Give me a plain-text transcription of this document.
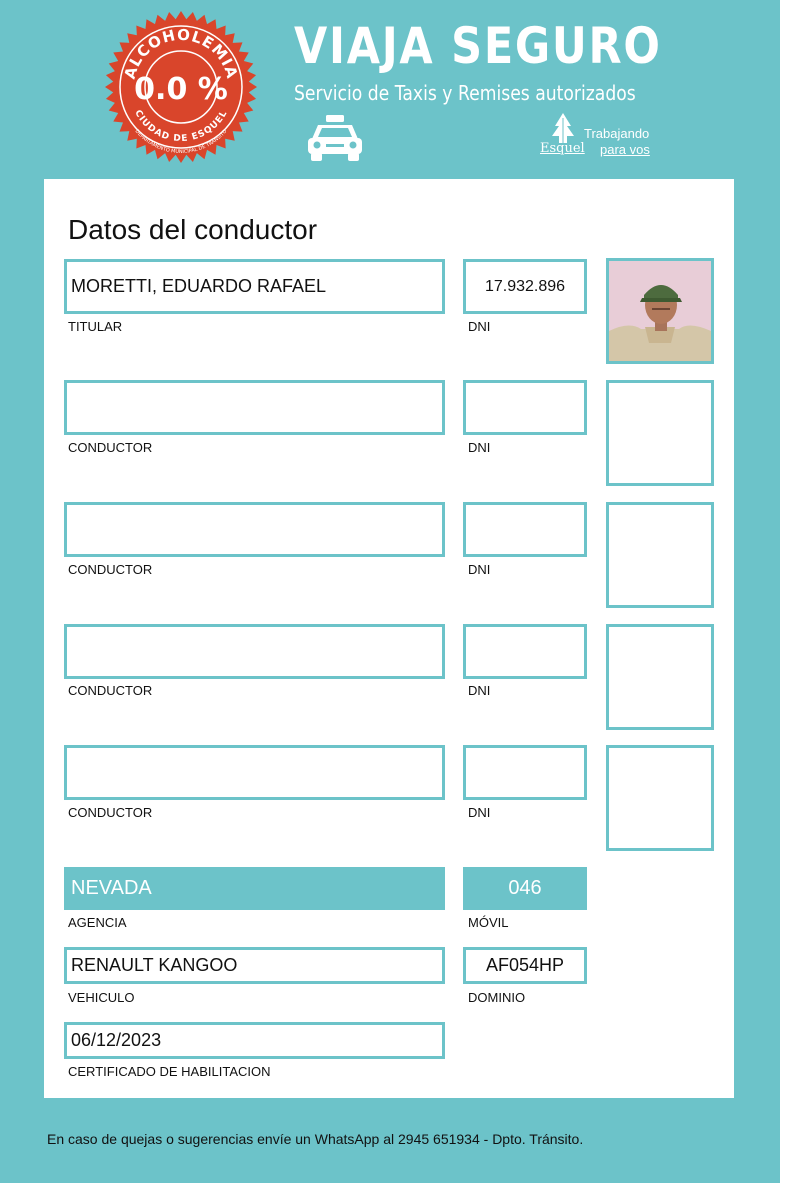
ALCOHOLEMIA
CIUDAD DE ESQUEL
DEPARTAMENTO MUNICIPAL DE TRÁNSITO
0.0 %
VIAJA SEGURO
Servicio de Taxis y Remises autorizados
Esquel
Trabajando
para vos
Datos del conductor
MORETTI, EDUARDO RAFAEL
TITULAR
17.932.896
DNI
CONDUCTOR	DNI
CONDUCTOR	DNI
CONDUCTOR	DNI
CONDUCTOR	DNI
NEVADA
AGENCIA
046
MÓVIL
RENAULT KANGOO
VEHICULO
AF054HP
DOMINIO
06/12/2023
CERTIFICADO DE HABILITACION
En caso de quejas o sugerencias envíe un WhatsApp al 2945 651934 - Dpto. Tránsito.
